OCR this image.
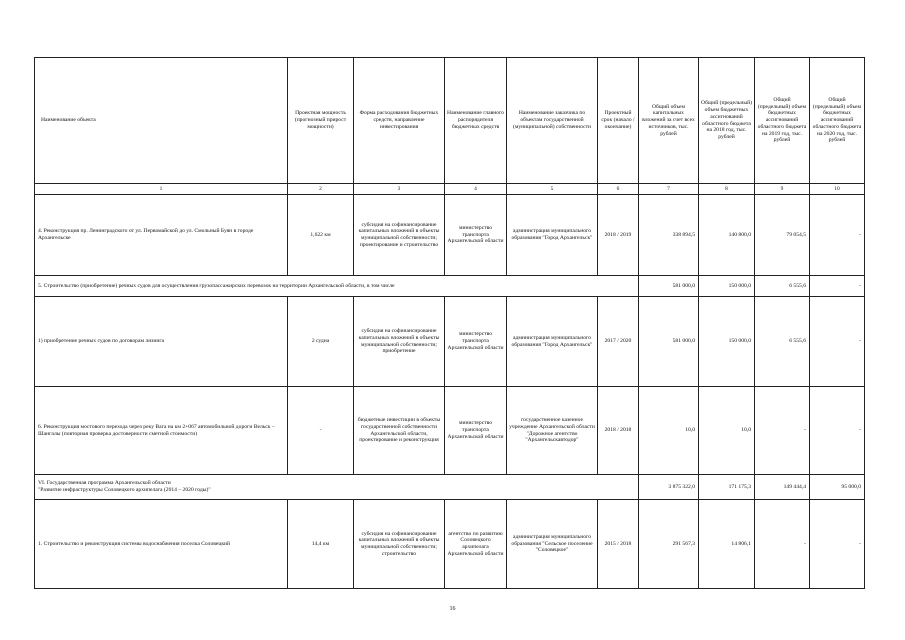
Наименование объекта	Проектная мощность (прогнозный прирост мощности)	Форма расходования бюджетных средств, направление инвестирования	Наименование главного распорядителя бюджетных средств	Наименование заказчика по объектам государственной (муниципальной) собственности	Проектный срок (начало / окончание)	Общий объем капитальных вложений за счет всех источников, тыс. рублей	Общий (предельный) объем бюджетных ассигнований областного бюджета на 2018 год, тыс. рублей	Общий (предельный) объем бюджетных ассигнований областного бюджета на 2019 год, тыс. рублей	Общий (предельный) объем бюджетных ассигнований областного бюджета на 2020 год, тыс. рублей
1	2	3	4	5	6	7	8	9	10
4. Реконструкция пр. Ленинградского от ул. Первомайской до ул. Смольный Буян в городе Архангельске	1,622 км	субсидия на софинансирование капитальных вложений в объекты муниципальной собственности; проектирование и строительство	министерство транспорта Архангельской области	администрация муниципального образования "Город Архангельск"	2018 / 2019	338 894,5	140 800,0	79 054,5	-
5. Строительство (приобретение) речных судов для осуществления грузопассажирских перевозок на территории Архангельской области, в том числе						581 000,0	150 000,0	6 555,6	-
1) приобретение речных судов по договорам лизинга	2 судна	субсидия на софинансирование капитальных вложений в объекты муниципальной собственности; приобретение	министерство транспорта Архангельской области	администрация муниципального образования "Город Архангельск"	2017 / 2020	581 000,0	150 000,0	6 555,6	-
6. Реконструкция мостового перехода через реку Вага на км 2+067 автомобильной дороги Вельск – Шангалы (повторная проверка достоверности сметной стоимости)	-	бюджетные инвестиции в объекты государственной собственности Архангельской области, проектирование и реконструкция	министерство транспорта Архангельской области	государственное казенное учреждение Архангельской области "Дорожное агентство "Архангельскавтодор"	2018 / 2018	10,0	10,0	-	-

VI. Государственная программа Архангельской области
"Развитие инфраструктуры Соловецкого архипелага (2014 – 2020 годы)"						3 875 322,0	171 175,3	149 444,4	95 000,0
1. Строительство и реконструкция системы водоснабжения поселка Соловецкий	14,4 км	субсидия на софинансирование капитальных вложений в объекты муниципальной собственности; строительство	агентство по развитию Соловецкого архипелага Архангельской области	администрация муниципального образования "Сельское поселение "Соловецкое"	2015 / 2018	291 567,3	14 806,1	-	-
16
